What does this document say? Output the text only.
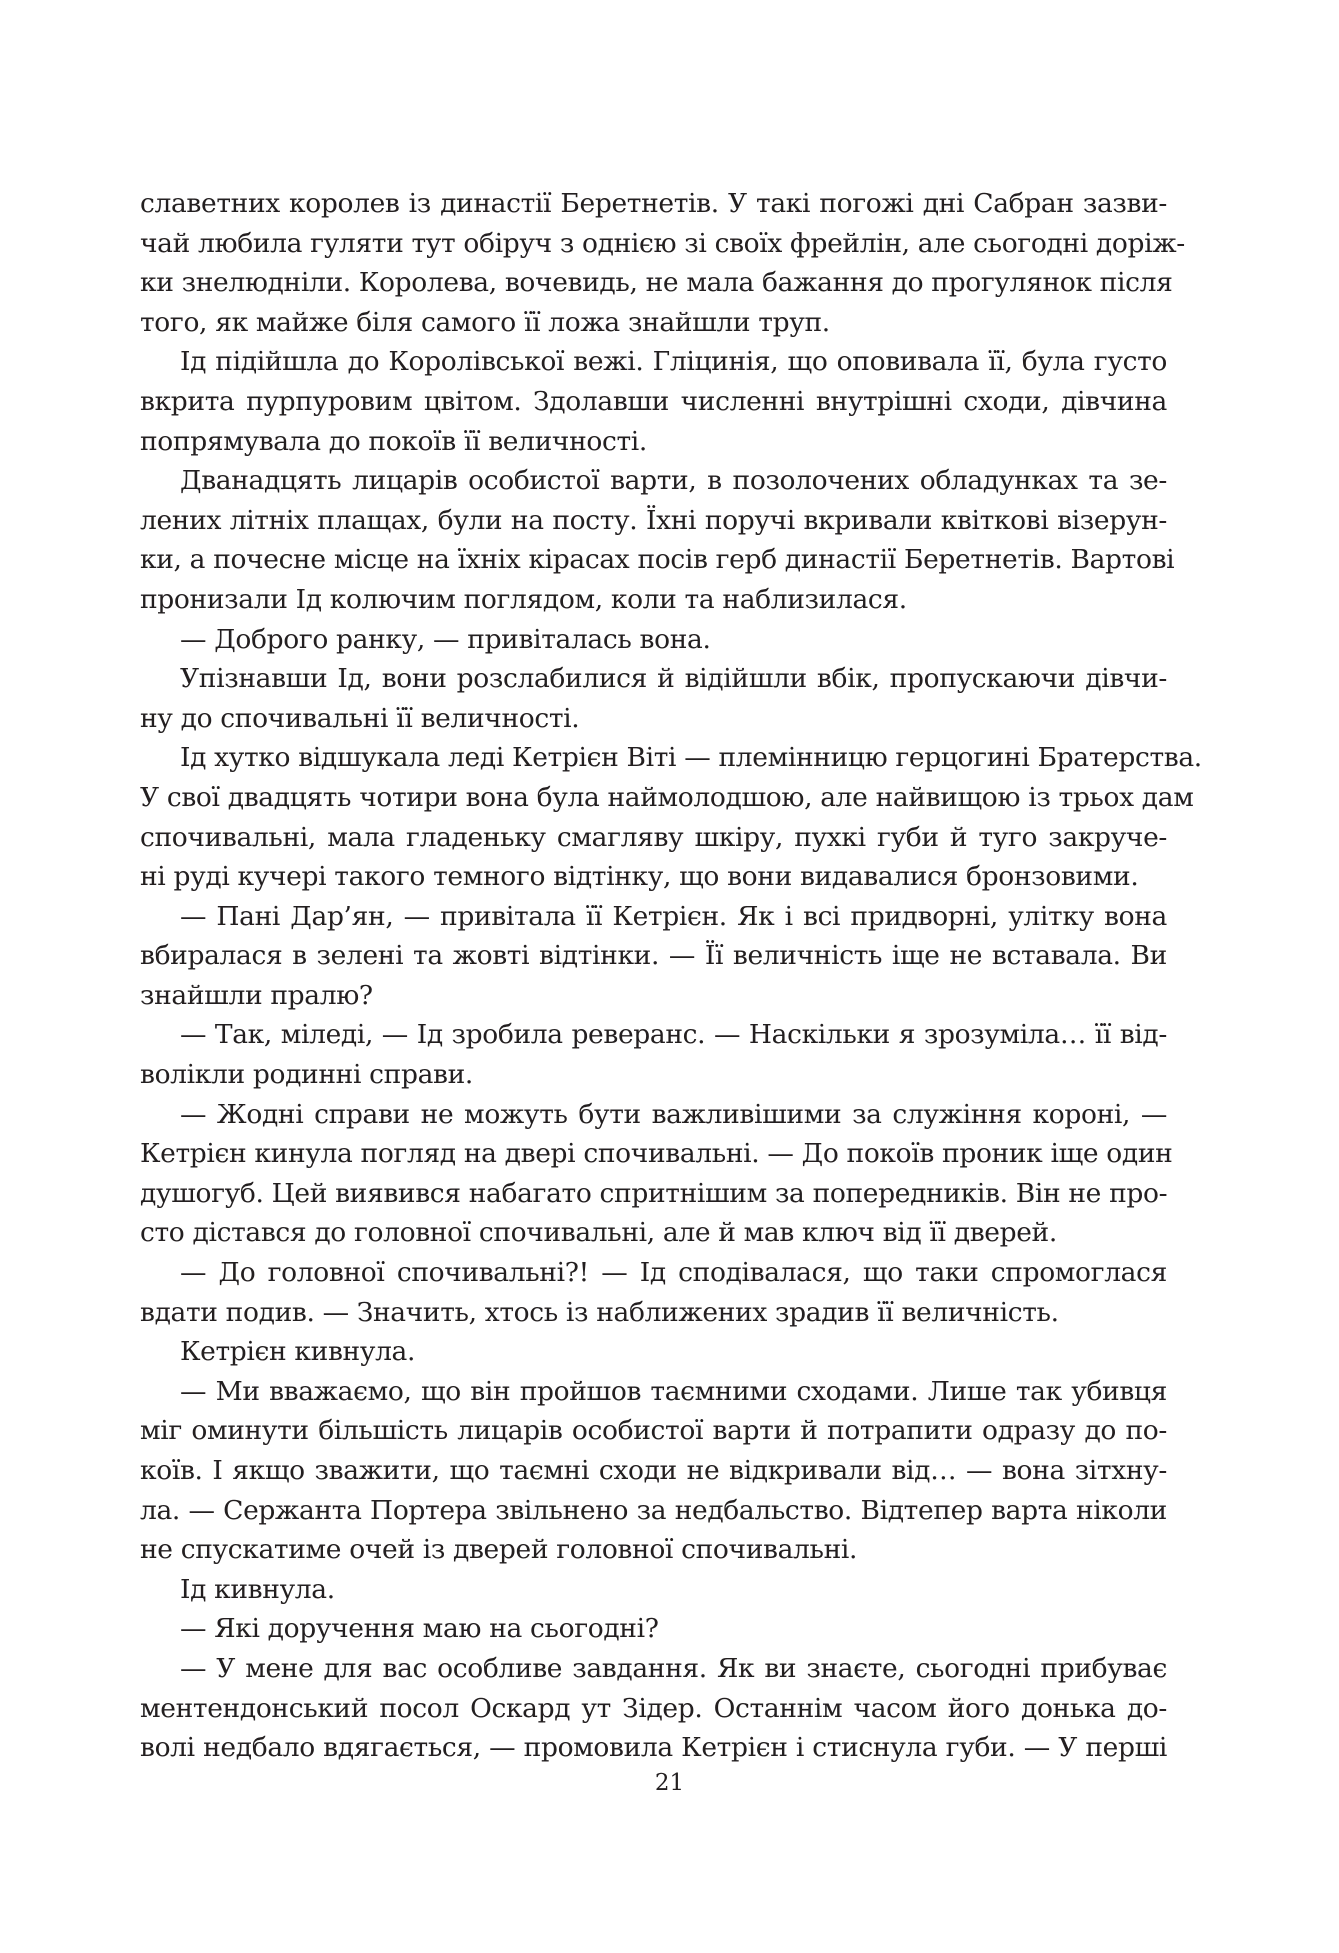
славетних королев із династії Беретнетів. У такі погожі дні Сабран зазви-
чай любила гуляти тут обіруч з однією зі своїх фрейлін, але сьогодні доріж-
ки знелюдніли. Королева, вочевидь, не мала бажання до прогулянок після
того, як майже біля самого її ложа знайшли труп.
Ід підійшла до Королівської вежі. Гліцинія, що оповивала її, була густо
вкрита пурпуровим цвітом. Здолавши численні внутрішні сходи, дівчина
попрямувала до покоїв її величності.
Дванадцять лицарів особистої варти, в позолочених обладунках та зе-
лених літніх плащах, були на посту. Їхні поручі вкривали квіткові візерун-
ки, а почесне місце на їхніх кірасах посів герб династії Беретнетів. Вартові
пронизали Ід колючим поглядом, коли та наблизилася.
— Доброго ранку, — привіталась вона.
Упізнавши Ід, вони розслабилися й відійшли вбік, пропускаючи дівчи-
ну до спочивальні її величності.
Ід хутко відшукала леді Кетрієн Віті — племінницю герцогині Братерства.
У свої двадцять чотири вона була наймолодшою, але найвищою із трьох дам
спочивальні, мала гладеньку смагляву шкіру, пухкі губи й туго закруче-
ні руді кучері такого темного відтінку, що вони видавалися бронзовими.
— Пані Дар’ян, — привітала її Кетрієн. Як і всі придворні, улітку вона
вбиралася в зелені та жовті відтінки. — Її величність іще не вставала. Ви
знайшли пралю?
— Так, міледі, — Ід зробила реверанс. — Наскільки я зрозуміла… її від-
волікли родинні справи.
— Жодні справи не можуть бути важливішими за служіння короні, —
Кетрієн кинула погляд на двері спочивальні. — До покоїв проник іще один
душогуб. Цей виявився набагато спритнішим за попередників. Він не про-
сто дістався до головної спочивальні, але й мав ключ від її дверей.
— До головної спочивальні?! — Ід сподівалася, що таки спромоглася
вдати подив. — Значить, хтось із наближених зрадив її величність.
Кетрієн кивнула.
— Ми вважаємо, що він пройшов таємними сходами. Лише так убивця
міг оминути більшість лицарів особистої варти й потрапити одразу до по-
коїв. І якщо зважити, що таємні сходи не відкривали від… — вона зітхну-
ла. — Сержанта Портера звільнено за недбальство. Відтепер варта ніколи
не спускатиме очей із дверей головної спочивальні.
Ід кивнула.
— Які доручення маю на сьогодні?
— У мене для вас особливе завдання. Як ви знаєте, сьогодні прибуває
ментендонський посол Оскард ут Зідер. Останнім часом його донька до-
волі недбало вдягається, — промовила Кетрієн і стиснула губи. — У перші
21
